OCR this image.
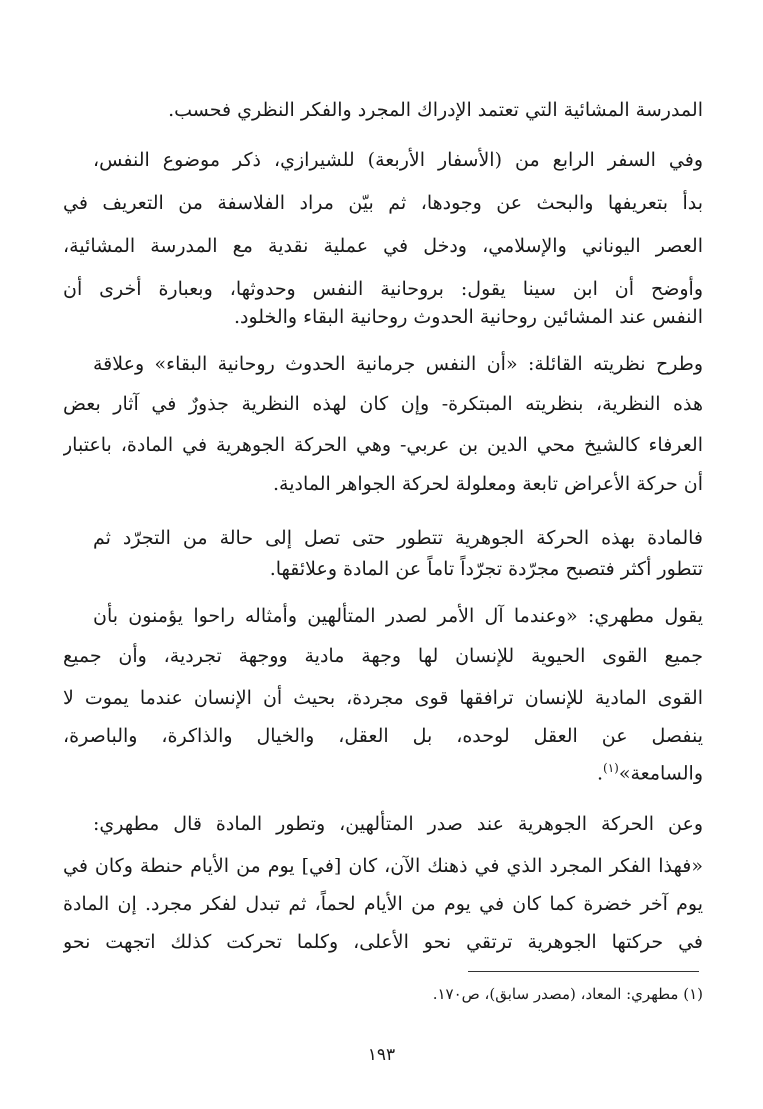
المدرسة المشائية التي تعتمد الإدراك المجرد والفكر النظري فحسب.
وفي السفر الرابع من (الأسفار الأربعة) للشيرازي، ذكر موضوع النفس،
بدأ بتعريفها والبحث عن وجودها، ثم بيّن مراد الفلاسفة من التعريف في
العصر اليوناني والإسلامي، ودخل في عملية نقدية مع المدرسة المشائية،
وأوضح أن ابن سينا يقول: بروحانية النفس وحدوثها، وبعبارة أخرى أن
النفس عند المشائين روحانية الحدوث روحانية البقاء والخلود.
وطرح نظريته القائلة: «أن النفس جرمانية الحدوث روحانية البقاء» وعلاقة
هذه النظرية، بنظريته المبتكرة- وإن كان لهذه النظرية جذورٌ في آثار بعض
العرفاء كالشيخ محي الدين بن عربي- وهي الحركة الجوهرية في المادة، باعتبار
أن حركة الأعراض تابعة ومعلولة لحركة الجواهر المادية.
فالمادة بهذه الحركة الجوهرية تتطور حتى تصل إلى حالة من التجرّد ثم
تتطور أكثر فتصبح مجرّدة تجرّداً تاماً عن المادة وعلائقها.
يقول مطهري: «وعندما آل الأمر لصدر المتألهين وأمثاله راحوا يؤمنون بأن
جميع القوى الحيوية للإنسان لها وجهة مادية ووجهة تجردية، وأن جميع
القوى المادية للإنسان ترافقها قوى مجردة، بحيث أن الإنسان عندما يموت لا
ينفصل عن العقل لوحده، بل العقل، والخيال والذاكرة، والباصرة،
والسامعة»$^{(١)}$.
وعن الحركة الجوهرية عند صدر المتألهين، وتطور المادة قال مطهري:
«فهذا الفكر المجرد الذي في ذهنك الآن، كان [في] يوم من الأيام حنطة وكان في
يوم آخر خضرة كما كان في يوم من الأيام لحماً، ثم تبدل لفكر مجرد. إن المادة
في حركتها الجوهرية ترتقي نحو الأعلى، وكلما تحركت كذلك اتجهت نحو
(١) مطهري: المعاد، (مصدر سابق)، ص١٧٠.
١٩٣
